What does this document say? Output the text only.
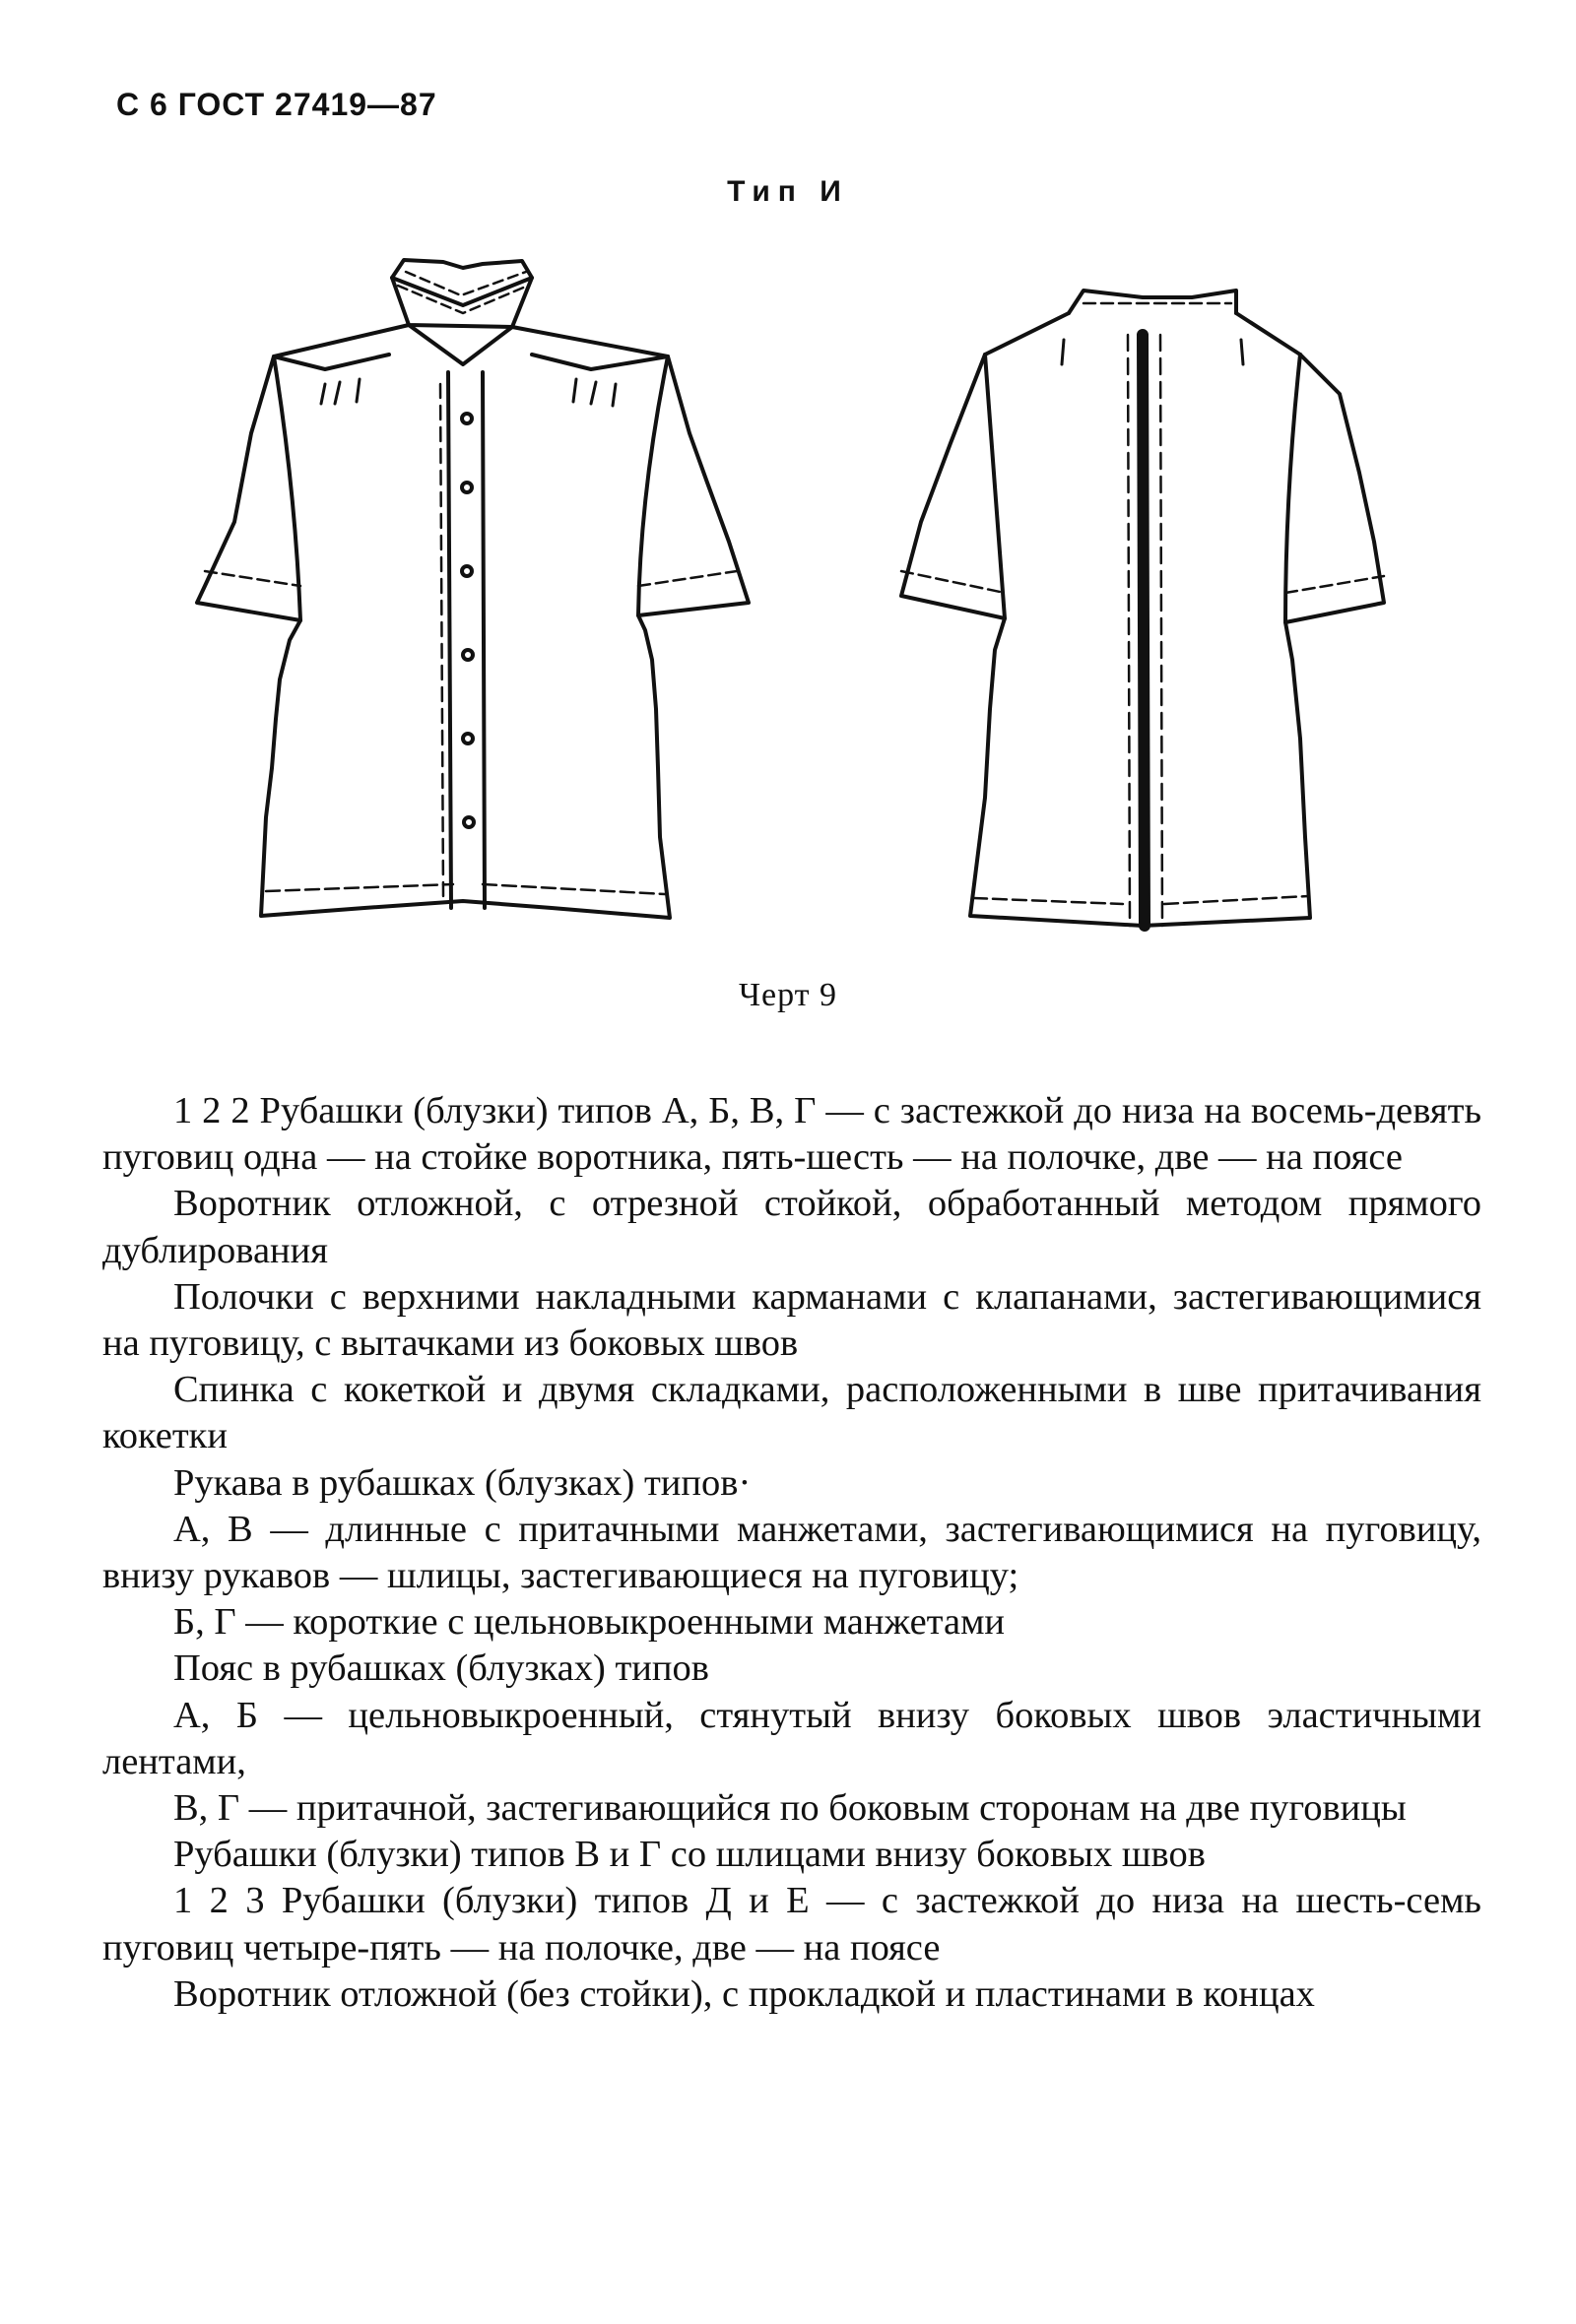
С 6 ГОСТ 27419—87
Тип И
Черт 9

1 2 2 Рубашки (блузки) типов А, Б, В, Г — с застежкой до низа на восемь-девять пуговиц одна — на стойке воротника, пять-шесть — на полочке, две — на поясе

Воротник отложной, с отрезной стойкой, обработанный методом прямого дублирования

Полочки с верхними накладными карманами с клапанами, застегивающимися на пуговицу, с вытачками из боковых швов

Спинка с кокеткой и двумя складками, расположенными в шве притачивания кокетки

Рукава в рубашках (блузках) типов·

А, В — длинные с притачными манжетами, застегивающимися на пуговицу, внизу рукавов — шлицы, застегивающиеся на пуговицу;

Б, Г — короткие с цельновыкроенными манжетами

Пояс в рубашках (блузках) типов

А, Б — цельновыкроенный, стянутый внизу боковых швов эластичными лентами,

В, Г — притачной, застегивающийся по боковым сторонам на две пуговицы

Рубашки (блузки) типов В и Г со шлицами внизу боковых швов

1 2 3 Рубашки (блузки) типов Д и Е — с застежкой до низа на шесть-семь пуговиц четыре-пять — на полочке, две — на поясе

Воротник отложной (без стойки), с прокладкой и пластинами в концах
